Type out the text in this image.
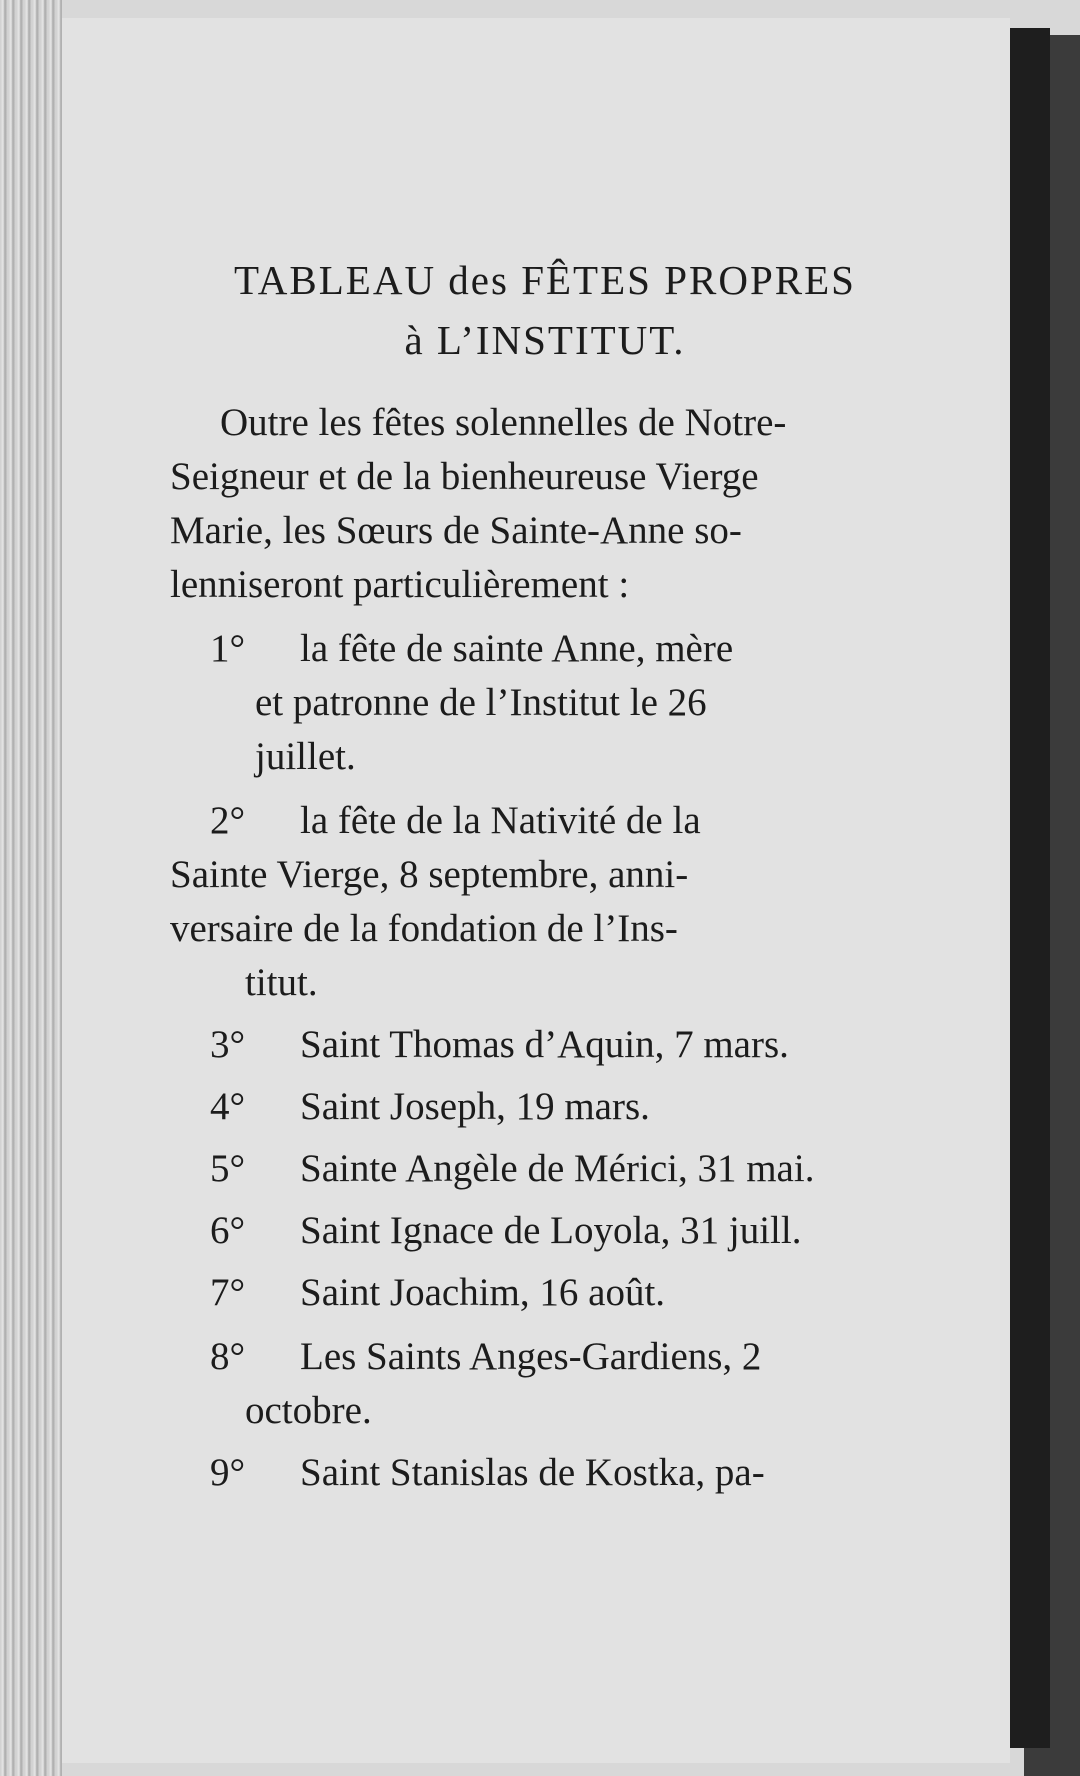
TABLEAU des FÊTES PROPRES

à L’INSTITUT.

Outre les fêtes solennelles de Notre-
Seigneur et de la bienheureuse Vierge
Marie, les Sœurs de Sainte-Anne so-
lenniseront particulièrement :

1° la fête de sainte Anne, mère
et patronne de l’Institut le 26
juillet.
2° la fête de la Nativité de la
Sainte Vierge, 8 septembre, anni-
versaire de la fondation de l’Ins-
titut.
3° Saint Thomas d’Aquin, 7 mars.
4° Saint Joseph, 19 mars.
5° Sainte Angèle de Mérici, 31 mai.
6° Saint Ignace de Loyola, 31 juill.
7° Saint Joachim, 16 août.
8° Les Saints Anges-Gardiens, 2
octobre.
9° Saint Stanislas de Kostka, pa-
